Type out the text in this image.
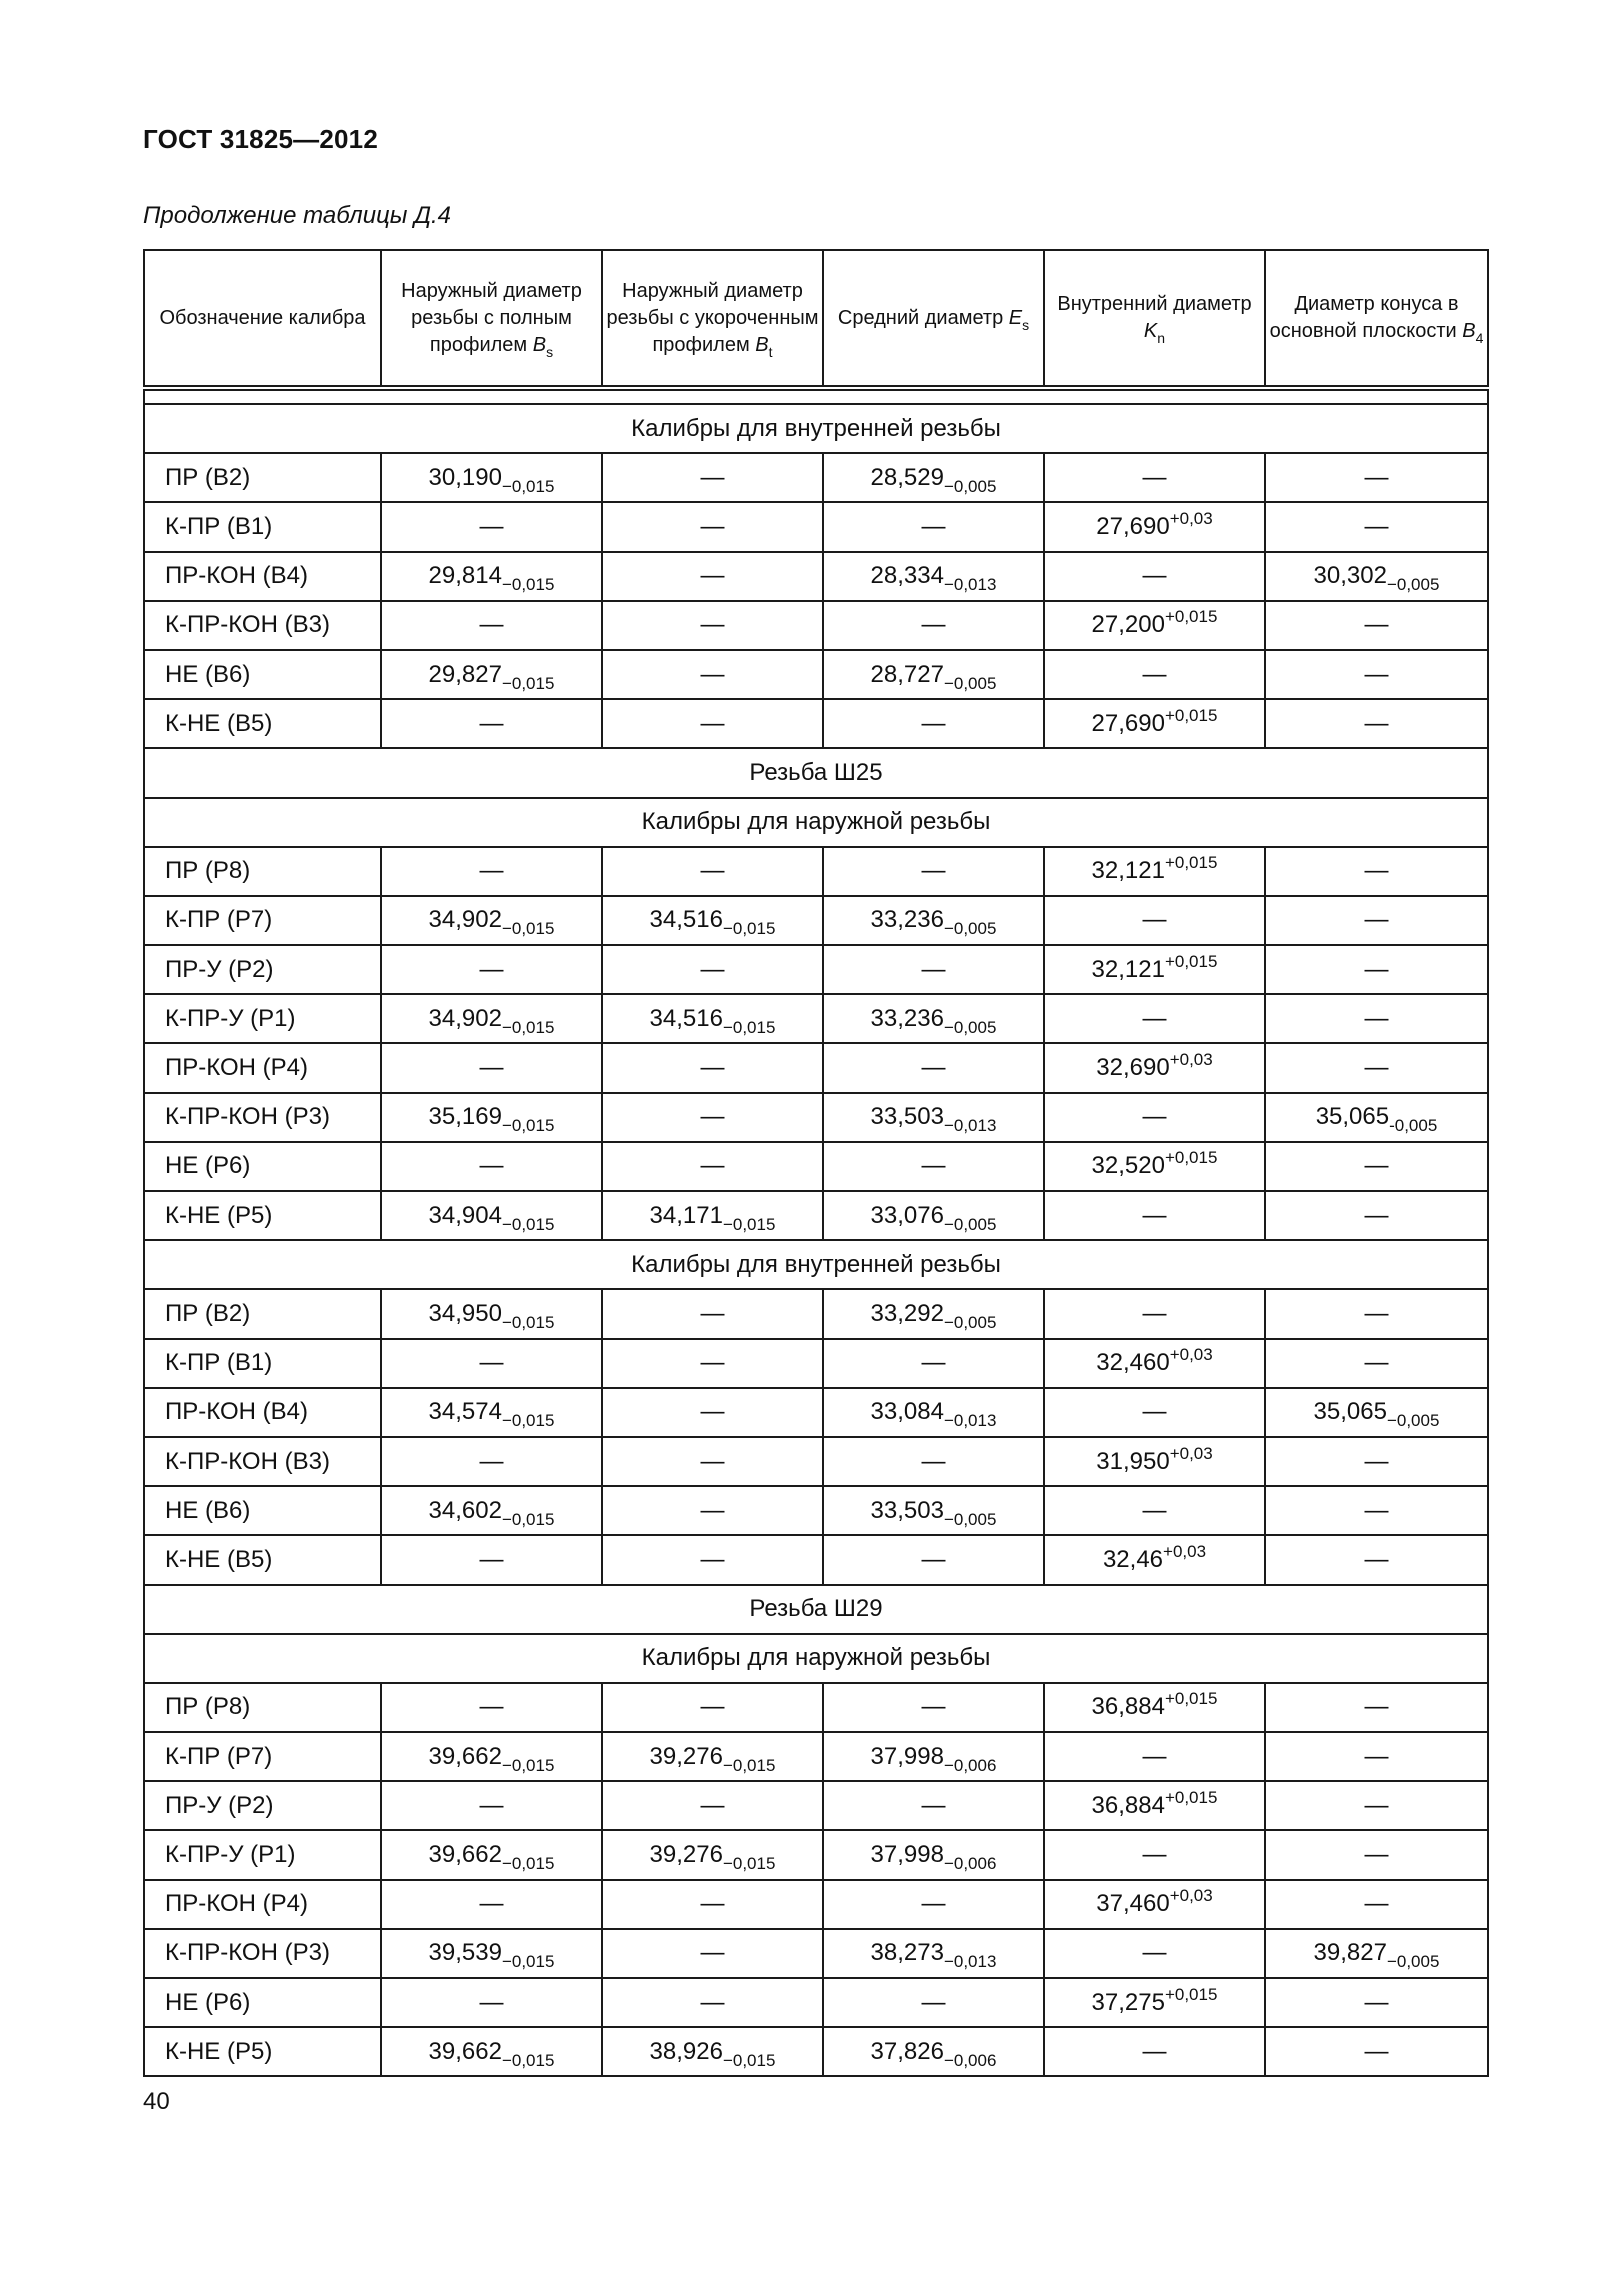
ГОСТ 31825—2012
Продолжение таблицы Д.4
Обозначение калибра	Наружный диаметр резьбы с полным профилем $B_s$	Наружный диаметр резьбы с укороченным профилем $B_t$	Средний диаметр $E_s$	Внутренний диаметр $K_n$	Диаметр конуса в основной плоскости $B_4$

Калибры для внутренней резьбы					
ПР (В2)	$30,190_{-0,015}$	—	$28,529_{-0,005}$	—	—
К-ПР (В1)	—	—	—	$27,690^{+0,03}$	—
ПР-КОН (В4)	$29,814_{-0,015}$	—	$28,334_{-0,013}$	—	$30,302_{-0,005}$
К-ПР-КОН (В3)	—	—	—	$27,200^{+0,015}$	—
НЕ (В6)	$29,827_{-0,015}$	—	$28,727_{-0,005}$	—	—
К-НЕ (В5)	—	—	—	$27,690^{+0,015}$	—
Резьба Ш25					
Калибры для наружной резьбы					
ПР (Р8)	—	—	—	$32,121^{+0,015}$	—
К-ПР (Р7)	$34,902_{-0,015}$	$34,516_{-0,015}$	$33,236_{-0,005}$	—	—
ПР-У (Р2)	—	—	—	$32,121^{+0,015}$	—
К-ПР-У (Р1)	$34,902_{-0,015}$	$34,516_{-0,015}$	$33,236_{-0,005}$	—	—
ПР-КОН (Р4)	—	—	—	$32,690^{+0,03}$	—
К-ПР-КОН (Р3)	$35,169_{-0,015}$	—	$33,503_{-0,013}$	—	$35,065_{-0,005}$
НЕ (Р6)	—	—	—	$32,520^{+0,015}$	—
К-НЕ (Р5)	$34,904_{-0,015}$	$34,171_{-0,015}$	$33,076_{-0,005}$	—	—
Калибры для внутренней резьбы					
ПР (В2)	$34,950_{-0,015}$	—	$33,292_{-0,005}$	—	—
К-ПР (В1)	—	—	—	$32,460^{+0,03}$	—
ПР-КОН (В4)	$34,574_{-0,015}$	—	$33,084_{-0,013}$	—	$35,065_{-0,005}$
К-ПР-КОН (В3)	—	—	—	$31,950^{+0,03}$	—
НЕ (В6)	$34,602_{-0,015}$	—	$33,503_{-0,005}$	—	—
К-НЕ (В5)	—	—	—	$32,46^{+0,03}$	—
Резьба Ш29					
Калибры для наружной резьбы					
ПР (Р8)	—	—	—	$36,884^{+0,015}$	—
К-ПР (Р7)	$39,662_{-0,015}$	$39,276_{-0,015}$	$37,998_{-0,006}$	—	—
ПР-У (Р2)	—	—	—	$36,884^{+0,015}$	—
К-ПР-У (Р1)	$39,662_{-0,015}$	$39,276_{-0,015}$	$37,998_{-0,006}$	—	—
ПР-КОН (Р4)	—	—	—	$37,460^{+0,03}$	—
К-ПР-КОН (Р3)	$39,539_{-0,015}$	—	$38,273_{-0,013}$	—	$39,827_{-0,005}$
НЕ (Р6)	—	—	—	$37,275^{+0,015}$	—
К-НЕ (Р5)	$39,662_{-0,015}$	$38,926_{-0,015}$	$37,826_{-0,006}$	—	—
40
